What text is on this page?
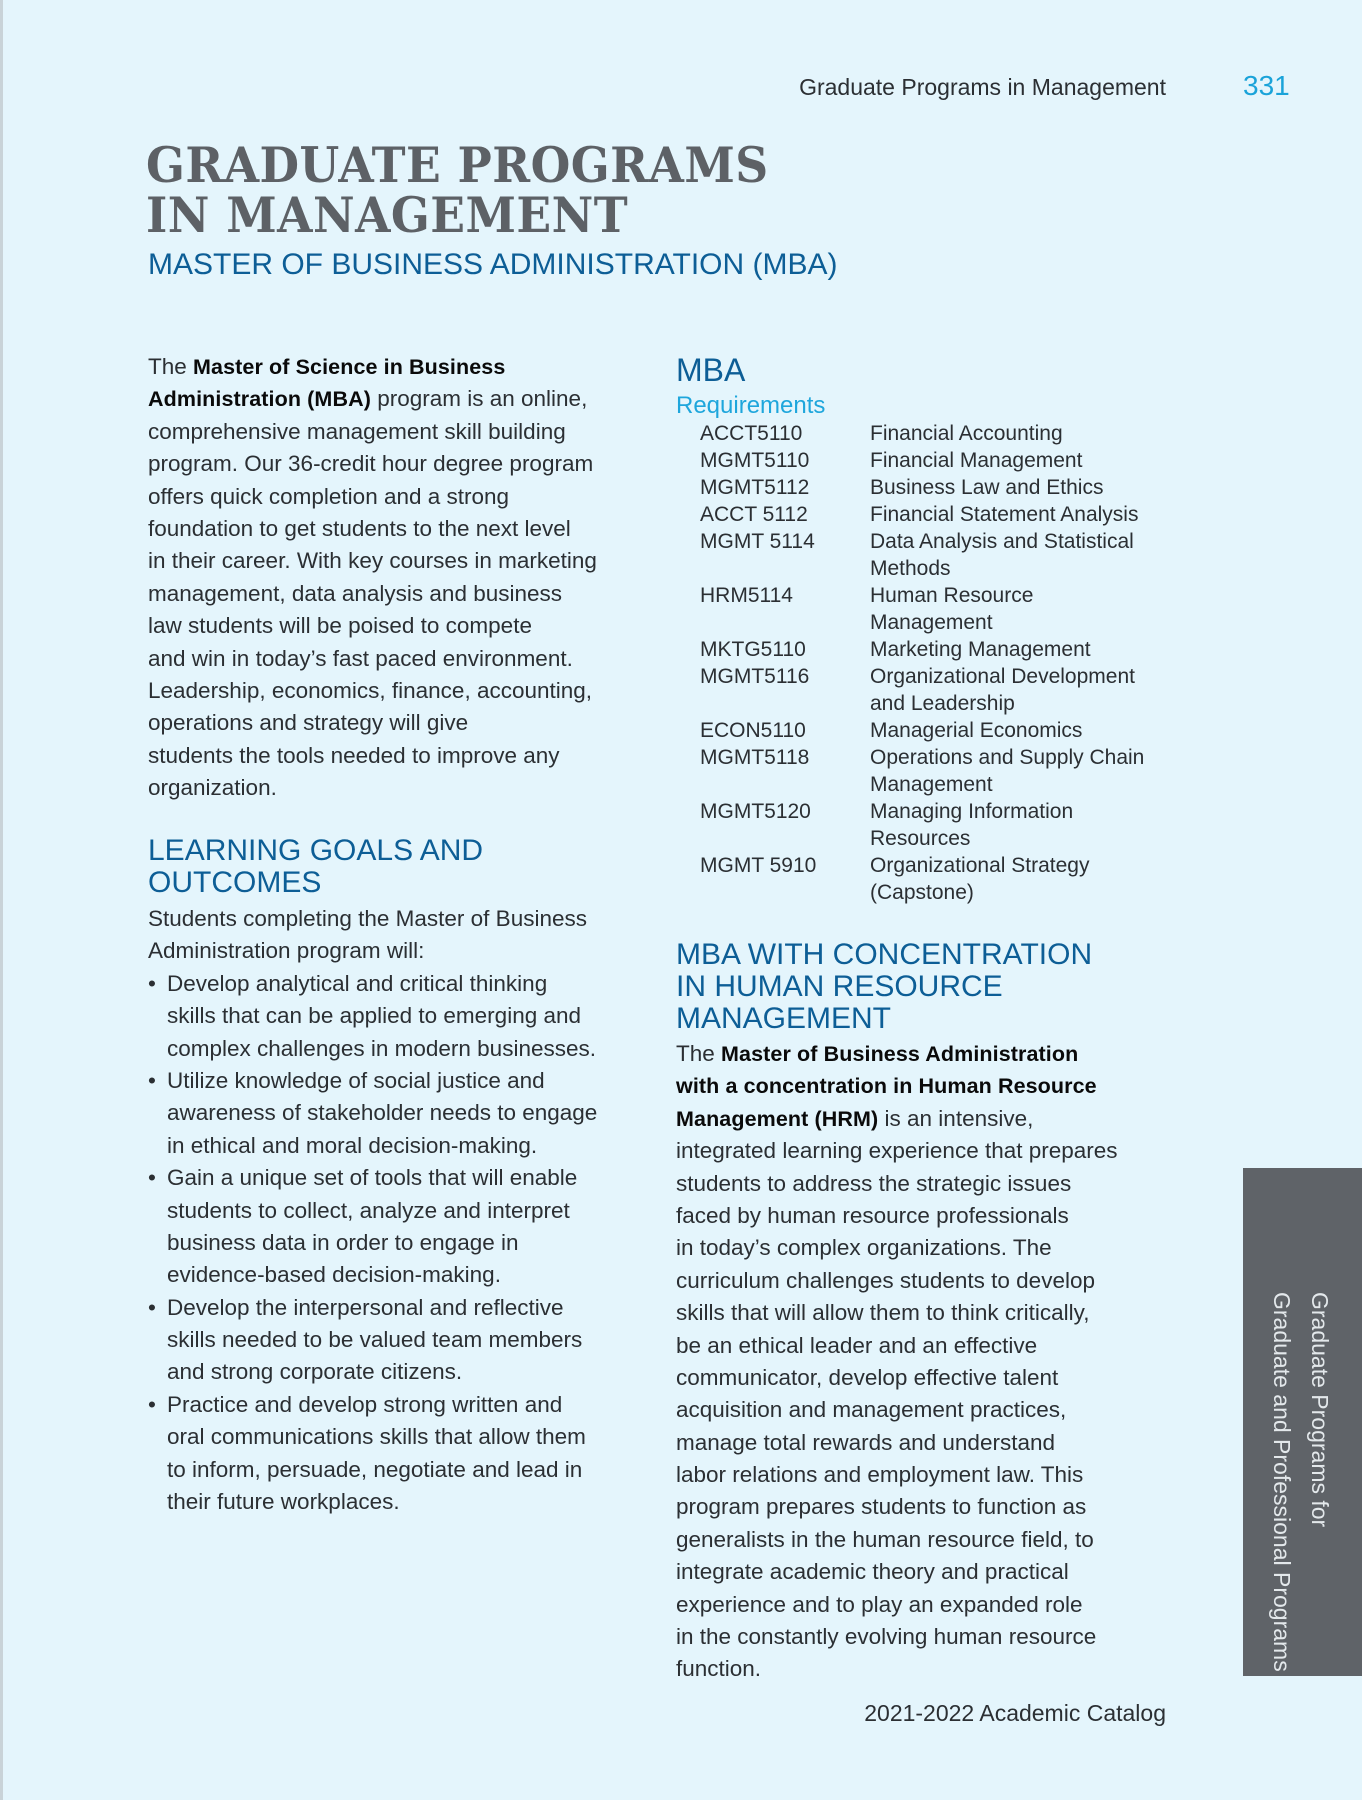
Graduate Programs in Management	331
GRADUATE PROGRAMS
IN MANAGEMENT
MASTER OF BUSINESS ADMINISTRATION (MBA)
The Master of Science in Business
Administration (MBA) program is an online,
comprehensive management skill building
program. Our 36-credit hour degree program
offers quick completion and a strong
foundation to get students to the next level
in their career. With key courses in marketing
management, data analysis and business
law students will be poised to compete
and win in today’s fast paced environment.
Leadership, economics, finance, accounting,
operations and strategy will give
students the tools needed to improve any
organization.
LEARNING GOALS AND
OUTCOMES
Students completing the Master of Business
Administration program will:
• Develop analytical and critical thinking
skills that can be applied to emerging and
complex challenges in modern businesses.
• Utilize knowledge of social justice and
awareness of stakeholder needs to engage
in ethical and moral decision-making.
• Gain a unique set of tools that will enable
students to collect, analyze and interpret
business data in order to engage in
evidence-based decision-making.
• Develop the interpersonal and reflective
skills needed to be valued team members
and strong corporate citizens.
• Practice and develop strong written and
oral communications skills that allow them
to inform, persuade, negotiate and lead in
their future workplaces.
MBA
Requirements
ACCT5110	Financial Accounting
MGMT5110	Financial Management
MGMT5112	Business Law and Ethics
ACCT 5112	Financial Statement Analysis
MGMT 5114	Data Analysis and Statistical
Methods
HRM5114	Human Resource
Management
MKTG5110	Marketing Management
MGMT5116	Organizational Development
and Leadership
ECON5110	Managerial Economics
MGMT5118	Operations and Supply Chain
Management
MGMT5120	Managing Information
Resources
MGMT 5910	Organizational Strategy
(Capstone)
MBA WITH CONCENTRATION
IN HUMAN RESOURCE
MANAGEMENT
The Master of Business Administration
with a concentration in Human Resource
Management (HRM) is an intensive,
integrated learning experience that prepares
students to address the strategic issues
faced by human resource professionals
in today’s complex organizations. The
curriculum challenges students to develop
skills that will allow them to think critically,
be an ethical leader and an effective
communicator, develop effective talent
acquisition and management practices,
manage total rewards and understand
labor relations and employment law. This
program prepares students to function as
generalists in the human resource field, to
integrate academic theory and practical
experience and to play an expanded role
in the constantly evolving human resource
function.
2021-2022 Academic Catalog
Graduate Programs for
Graduate and Professional Programs
